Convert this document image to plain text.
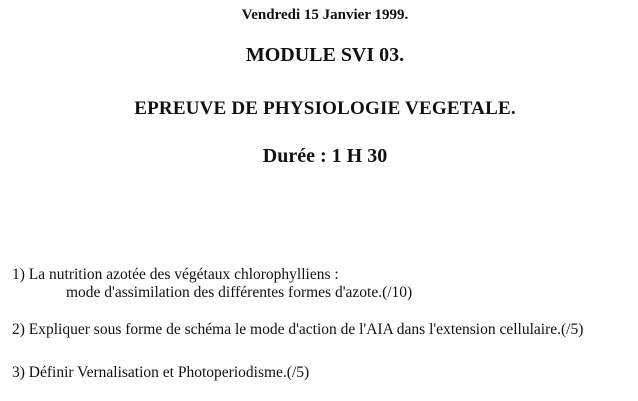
Vendredi 15 Janvier 1999.
MODULE SVI 03.
EPREUVE DE PHYSIOLOGIE VEGETALE.
Durée : 1 H 30
1) La nutrition azotée des végétaux chlorophylliens :
mode d'assimilation des différentes formes d'azote.(/10)
2) Expliquer sous forme de schéma le mode d'action de l'AIA dans l'extension cellulaire.(/5)
3) Définir Vernalisation et Photoperiodisme.(/5)
